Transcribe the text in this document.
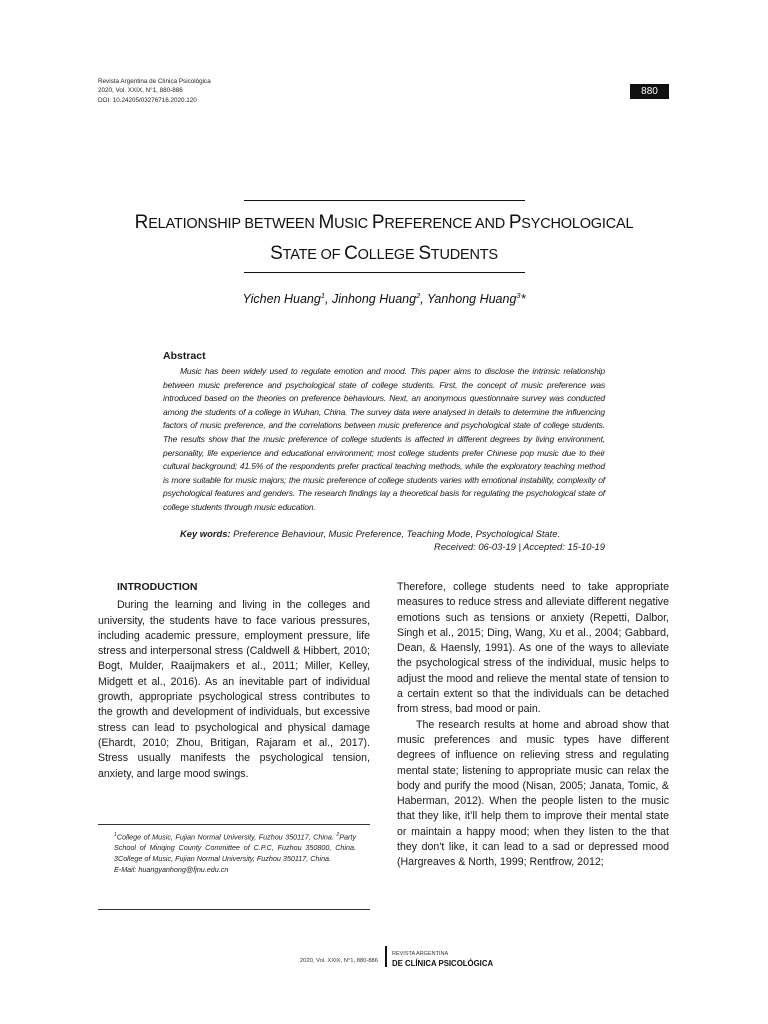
Revista Argentina de Clínica Psicológica
2020, Vol. XXIX, N°1, 880-886
DOI: 10.24205/03276716.2020.120
880
RELATIONSHIP BETWEEN MUSIC PREFERENCE AND PSYCHOLOGICAL
STATE OF COLLEGE STUDENTS
Yichen Huang$^1$, Jinhong Huang$^2$, Yanhong Huang$^3$*
Abstract
Music has been widely used to regulate emotion and mood. This paper aims to disclose the intrinsic relationship between music preference and psychological state of college students. First, the concept of music preference was introduced based on the theories on preference behaviours. Next, an anonymous questionnaire survey was conducted among the students of a college in Wuhan, China. The survey data were analysed in details to determine the influencing factors of music preference, and the correlations between music preference and psychological state of college students. The results show that the music preference of college students is affected in different degrees by living environment, personality, life experience and educational environment; most college students prefer Chinese pop music due to their cultural background; 41.5% of the respondents prefer practical teaching methods, while the exploratory teaching method is more suitable for music majors; the music preference of college students varies with emotional instability, complexity of psychological features and genders. The research findings lay a theoretical basis for regulating the psychological state of college students through music education.
Key words: Preference Behaviour, Music Preference, Teaching Mode, Psychological State.
Received: 06-03-19 | Accepted: 15-10-19

INTRODUCTION

During the learning and living in the colleges and university, the students have to face various pressures, including academic pressure, employment pressure, life stress and interpersonal stress (Caldwell & Hibbert, 2010; Bogt, Mulder, Raaijmakers et al., 2011; Miller, Kelley, Midgett et al., 2016). As an inevitable part of individual growth, appropriate psychological stress contributes to the growth and development of individuals, but excessive stress can lead to psychological and physical damage (Ehardt, 2010; Zhou, Britigan, Rajaram et al., 2017). Stress usually manifests the psychological tension, anxiety, and large mood swings.

Therefore, college students need to take appropriate measures to reduce stress and alleviate different negative emotions such as tensions or anxiety (Repetti, Dalbor, Singh et al., 2015; Ding, Wang, Xu et al., 2004; Gabbard, Dean, & Haensly, 1991). As one of the ways to alleviate the psychological stress of the individual, music helps to adjust the mood and relieve the mental state of tension to a certain extent so that the individuals can be detached from stress, bad mood or pain.

The research results at home and abroad show that music preferences and music types have different degrees of influence on relieving stress and regulating mental state; listening to appropriate music can relax the body and purify the mood (Nisan, 2005; Janata, Tomic, & Haberman, 2012). When the people listen to the music that they like, it’ll help them to improve their mental state or maintain a happy mood; when they listen to the that they don't like, it can lead to a sad or depressed mood (Hargreaves & North, 1999; Rentfrow, 2012;

$^1$College of Music, Fujian Normal University, Fuzhou 350117, China. $^2$Party School of Minqing County Committee of C.P.C, Fuzhou 350800, China. 3College of Music, Fujian Normal University, Fuzhou 350117, China.
E-Mail: huangyanhong@fjnu.edu.cn
2020, Vol. XXIX, N°1, 880-886
REVISTA ARGENTINA
DE CLÍNICA PSICOLÓGICA
